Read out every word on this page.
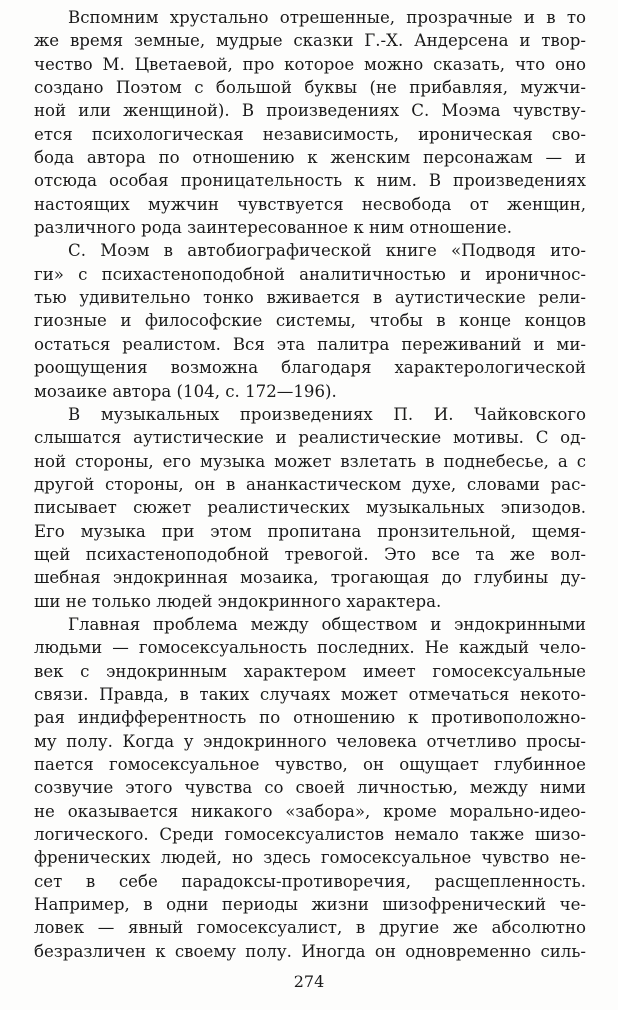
Вспомним хрустально отрешенные, прозрачные и в то
же время земные, мудрые сказки Г.-Х. Андерсена и твор-
чество М. Цветаевой, про которое можно сказать, что оно
создано Поэтом с большой буквы (не прибавляя, мужчи-
ной или женщиной). В произведениях С. Моэма чувству-
ется психологическая независимость, ироническая сво-
бода автора по отношению к женским персонажам — и
отсюда особая проницательность к ним. В произведениях
настоящих мужчин чувствуется несвобода от женщин,
различного рода заинтересованное к ним отношение.
С. Моэм в автобиографической книге «Подводя ито-
ги» с психастеноподобной аналитичностью и ироничнос-
тью удивительно тонко вживается в аутистические рели-
гиозные и философские системы, чтобы в конце концов
остаться реалистом. Вся эта палитра переживаний и ми-
роощущения возможна благодаря характерологической
мозаике автора (104, с. 172—196).
В музыкальных произведениях П. И. Чайковского
слышатся аутистические и реалистические мотивы. С од-
ной стороны, его музыка может взлетать в поднебесье, а с
другой стороны, он в ананкастическом духе, словами рас-
писывает сюжет реалистических музыкальных эпизодов.
Его музыка при этом пропитана пронзительной, щемя-
щей психастеноподобной тревогой. Это все та же вол-
шебная эндокринная мозаика, трогающая до глубины ду-
ши не только людей эндокринного характера.
Главная проблема между обществом и эндокринными
людьми — гомосексуальность последних. Не каждый чело-
век с эндокринным характером имеет гомосексуальные
связи. Правда, в таких случаях может отмечаться некото-
рая индифферентность по отношению к противоположно-
му полу. Когда у эндокринного человека отчетливо просы-
пается гомосексуальное чувство, он ощущает глубинное
созвучие этого чувства со своей личностью, между ними
не оказывается никакого «забора», кроме морально-идео-
логического. Среди гомосексуалистов немало также шизо-
френических людей, но здесь гомосексуальное чувство не-
сет в себе парадоксы-противоречия, расщепленность.
Например, в одни периоды жизни шизофренический че-
ловек — явный гомосексуалист, в другие же абсолютно
безразличен к своему полу. Иногда он одновременно силь-
274
